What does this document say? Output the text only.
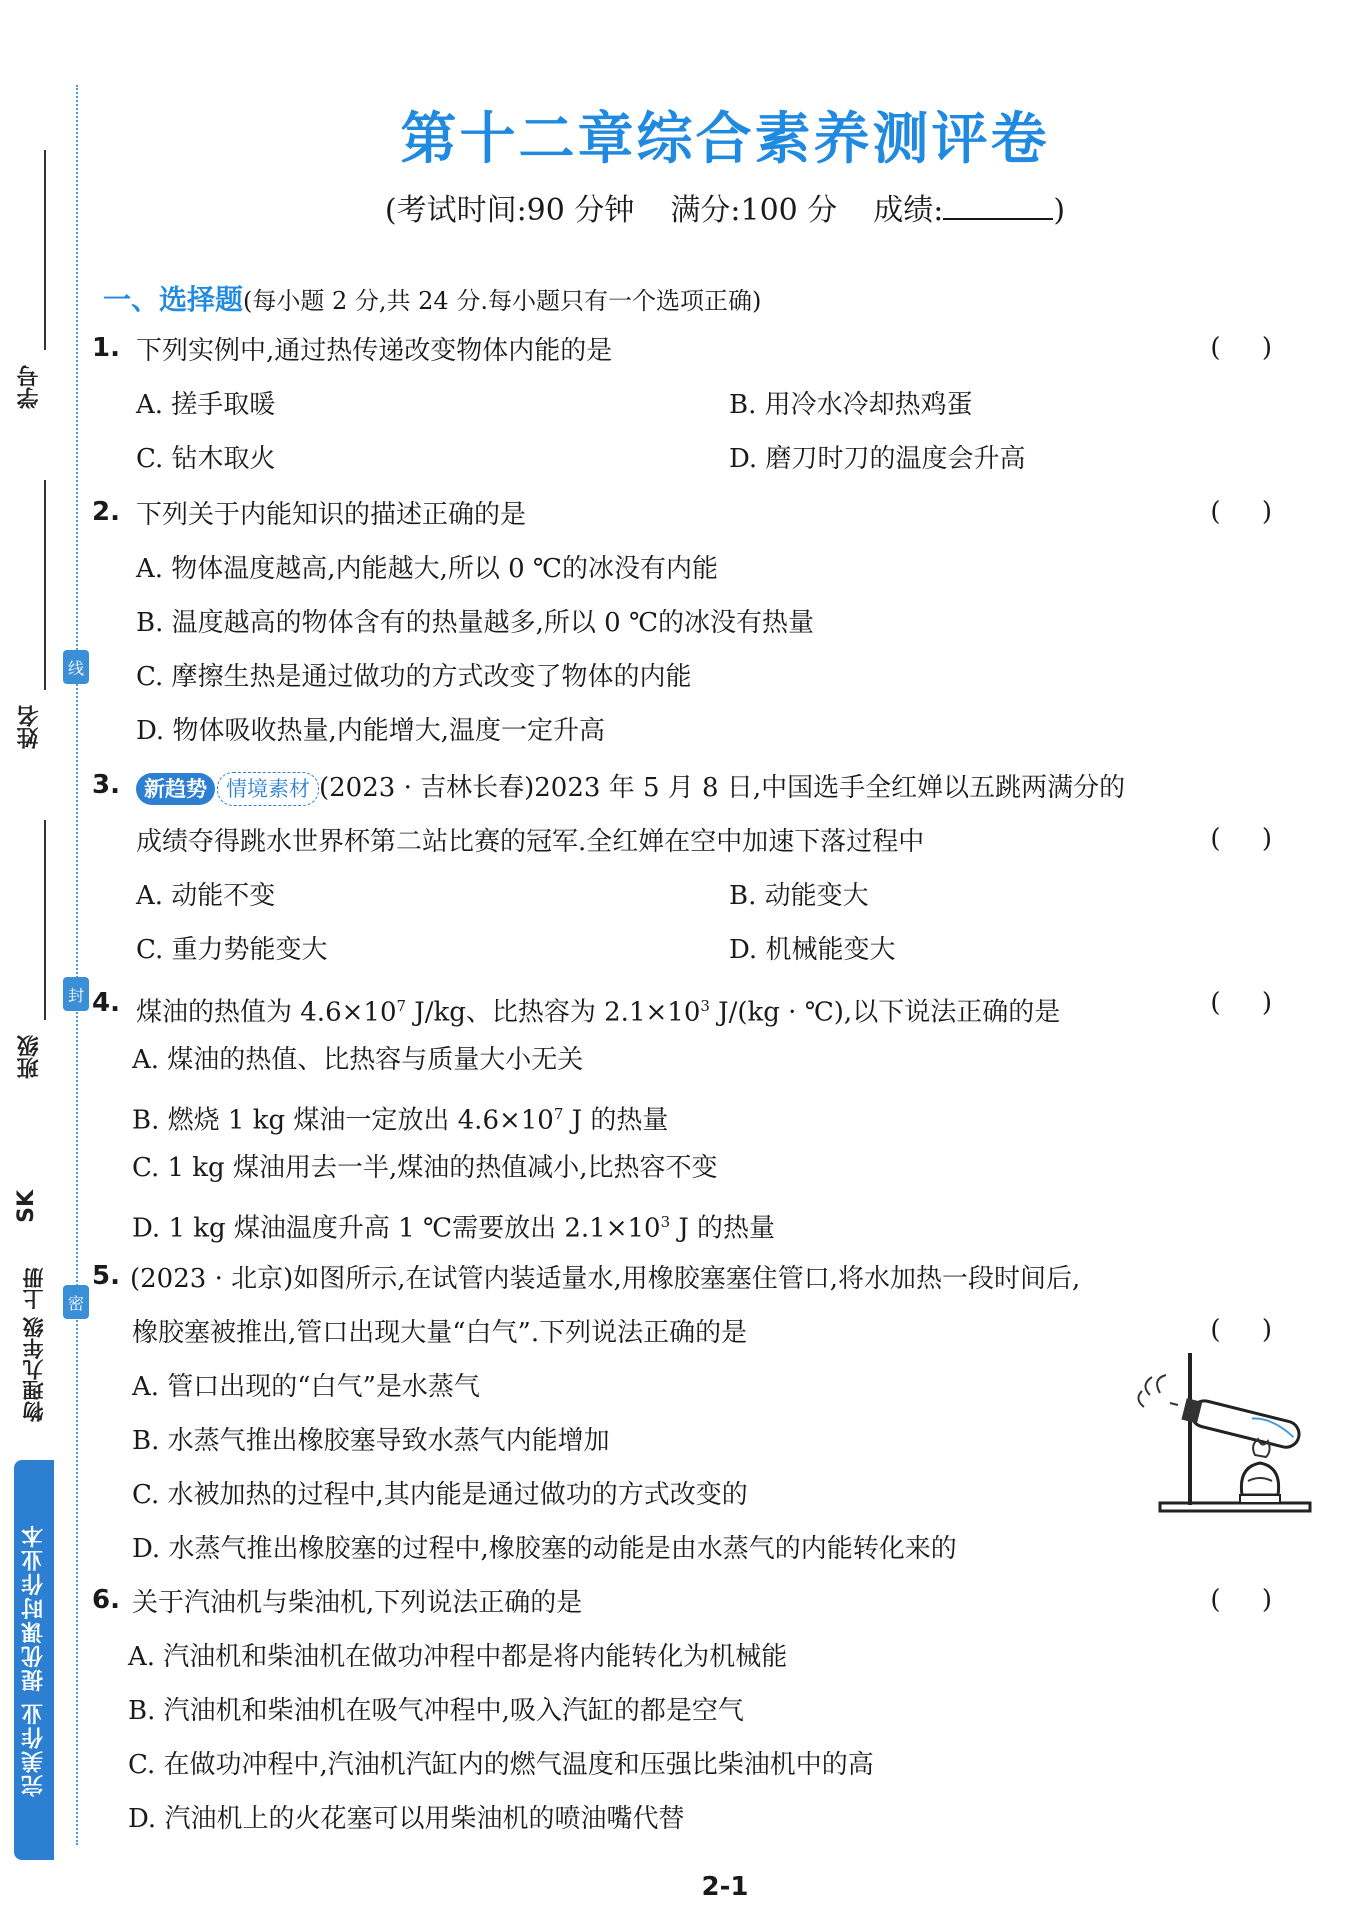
学号
姓名
班级
线
封
密
SK
物理九年级 上册
完美作业 提优课时作业本
第十二章综合素养测评卷
(考试时间:90 分钟 满分:100 分 成绩:	)
一、选择题(每小题 2 分,共 24 分.每小题只有一个选项正确)
1. 下列实例中,通过热传递改变物体内能的是	(     )
A. 搓手取暖	B. 用冷水冷却热鸡蛋
C. 钻木取火	D. 磨刀时刀的温度会升高
2. 下列关于内能知识的描述正确的是	(     )
A. 物体温度越高,内能越大,所以 0 ℃的冰没有内能
B. 温度越高的物体含有的热量越多,所以 0 ℃的冰没有热量
C. 摩擦生热是通过做功的方式改变了物体的内能
D. 物体吸收热量,内能增大,温度一定升高
3.	新趋势 情境素材 (2023 · 吉林长春)2023 年 5 月 8 日,中国选手全红婵以五跳两满分的
成绩夺得跳水世界杯第二站比赛的冠军.全红婵在空中加速下落过程中	(     )
A. 动能不变	B. 动能变大
C. 重力势能变大	D. 机械能变大
4. 煤油的热值为 $4.6\times 10^7$ J/kg、比热容为 $2.1\times 10^3$ J/(kg · ℃),以下说法正确的是	(     )
A. 煤油的热值、比热容与质量大小无关
B. 燃烧 1 kg 煤油一定放出 $4.6\times 10^7$ J 的热量
C. 1 kg 煤油用去一半,煤油的热值减小,比热容不变
D. 1 kg 煤油温度升高 1 ℃需要放出 $2.1\times 10^3$ J 的热量
5. (2023 · 北京)如图所示,在试管内装适量水,用橡胶塞塞住管口,将水加热一段时间后,
橡胶塞被推出,管口出现大量“白气”.下列说法正确的是	(     )
A. 管口出现的“白气”是水蒸气
B. 水蒸气推出橡胶塞导致水蒸气内能增加
C. 水被加热的过程中,其内能是通过做功的方式改变的
D. 水蒸气推出橡胶塞的过程中,橡胶塞的动能是由水蒸气的内能转化来的
6. 关于汽油机与柴油机,下列说法正确的是	(     )
A. 汽油机和柴油机在做功冲程中都是将内能转化为机械能
B. 汽油机和柴油机在吸气冲程中,吸入汽缸的都是空气
C. 在做功冲程中,汽油机汽缸内的燃气温度和压强比柴油机中的高
D. 汽油机上的火花塞可以用柴油机的喷油嘴代替
2-1
